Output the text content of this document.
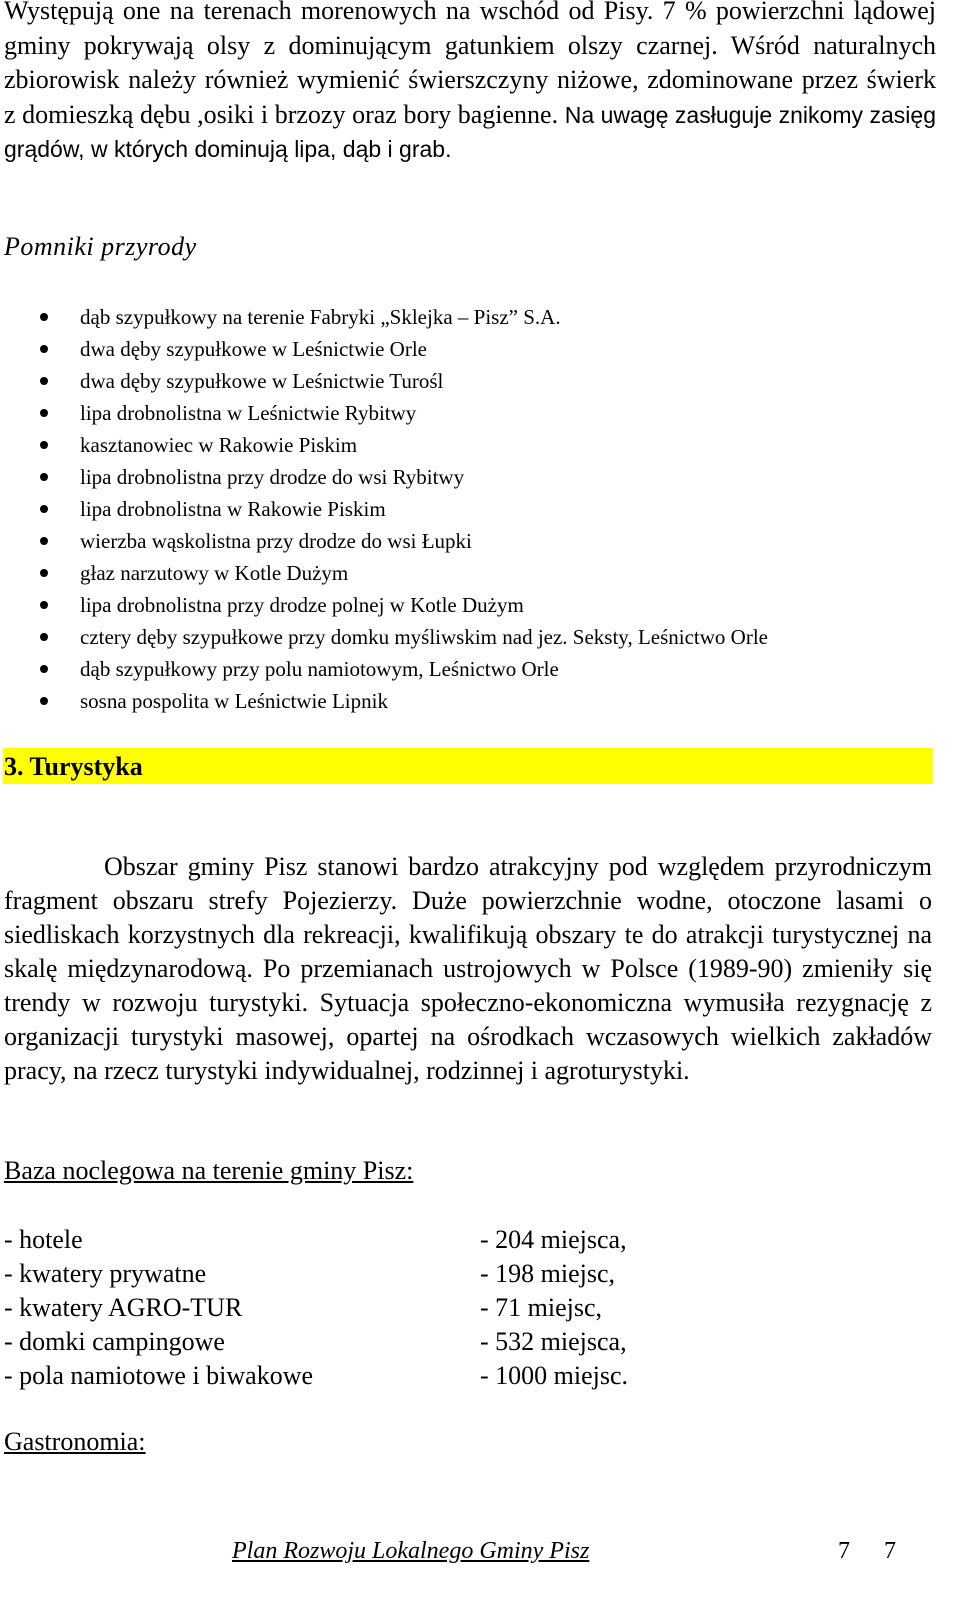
Występują one na terenach morenowych na wschód od Pisy. 7 % powierzchni lądowej gminy pokrywają olsy z dominującym gatunkiem olszy czarnej. Wśród naturalnych zbiorowisk należy również wymienić świerszczyny niżowe, zdominowane przez świerk z domieszką dębu ,osiki i brzozy oraz bory bagienne. Na uwagę zasługuje znikomy zasięg grądów, w których dominują lipa, dąb i grab.

Pomniki przyrody
dąb szypułkowy na terenie Fabryki „Sklejka – Pisz” S.A.
dwa dęby szypułkowe w Leśnictwie Orle
dwa dęby szypułkowe w Leśnictwie Turośl
lipa drobnolistna w Leśnictwie Rybitwy
kasztanowiec w Rakowie Piskim
lipa drobnolistna przy drodze do wsi Rybitwy
lipa drobnolistna w Rakowie Piskim
wierzba wąskolistna przy drodze do wsi Łupki
głaz narzutowy w Kotle Dużym
lipa drobnolistna przy drodze polnej w Kotle Dużym
cztery dęby szypułkowe przy domku myśliwskim nad jez. Seksty, Leśnictwo Orle
dąb szypułkowy przy polu namiotowym, Leśnictwo Orle
sosna pospolita w Leśnictwie Lipnik
3. Turystyka

Obszar gminy Pisz stanowi bardzo atrakcyjny pod względem przyrodniczym fragment obszaru strefy Pojezierzy. Duże powierzchnie wodne, otoczone lasami o siedliskach korzystnych dla rekreacji, kwalifikują obszary te do atrakcji turystycznej na skalę międzynarodową. Po przemianach ustrojowych w Polsce (1989-90) zmieniły się trendy w rozwoju turystyki. Sytuacja społeczno-ekonomiczna wymusiła rezygnację z organizacji turystyki masowej, opartej na ośrodkach wczasowych wielkich zakładów pracy, na rzecz turystyki indywidualnej, rodzinnej i agroturystyki.

Baza noclegowa na terenie gminy Pisz:
- hotele	- 204 miejsca,
- kwatery prywatne	- 198 miejsc,
- kwatery AGRO-TUR	- 71 miejsc,
- domki campingowe	- 532 miejsca,
- pola namiotowe i biwakowe	- 1000 miejsc.
Gastronomia:
Plan Rozwoju Lokalnego Gminy Pisz	7 7
